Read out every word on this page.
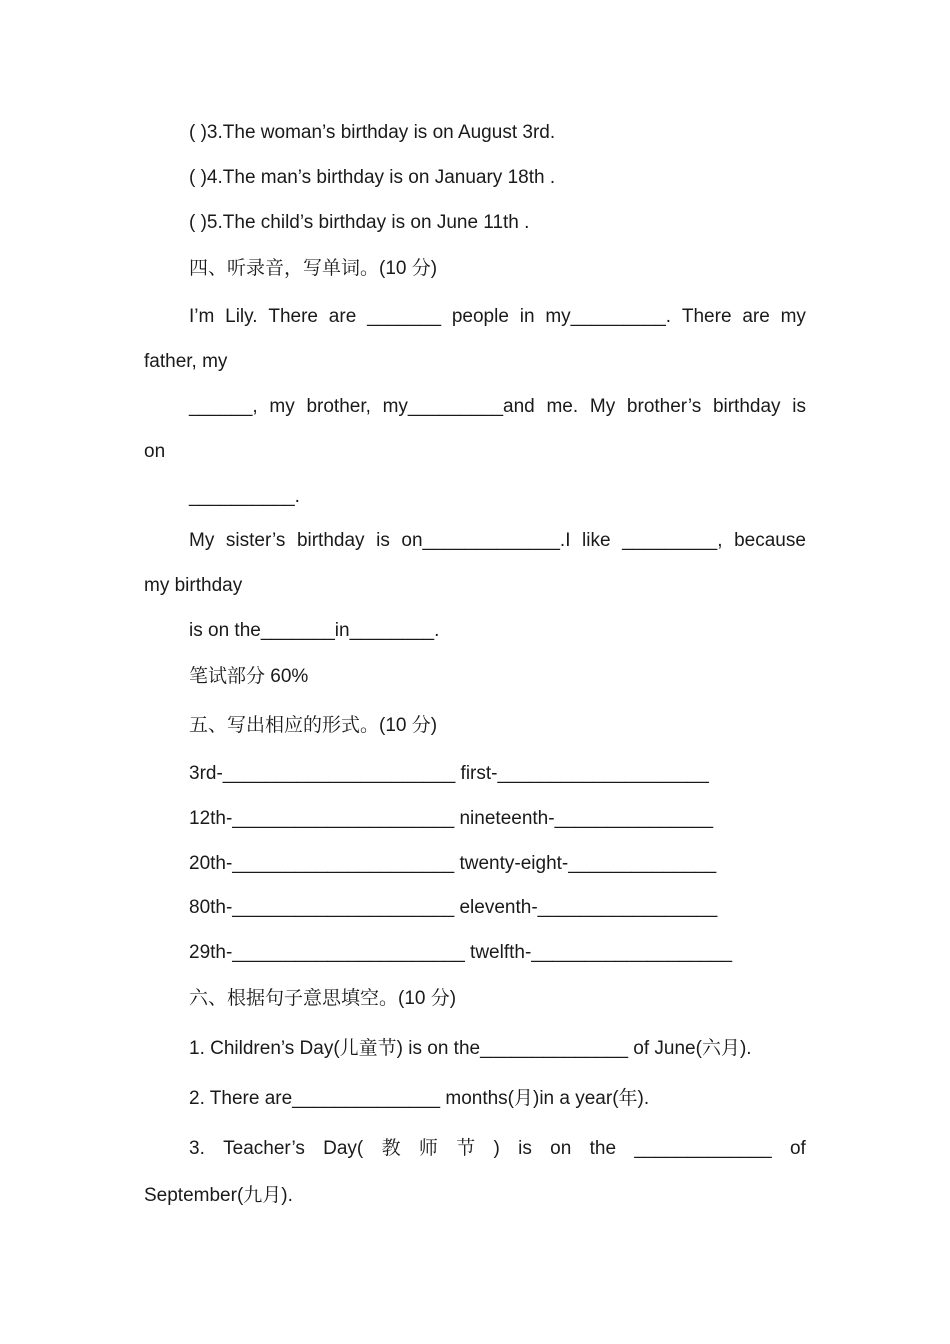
( )3.The woman’s birthday is on August 3rd.
( )4.The man’s birthday is on January 18th .
( )5.The child’s birthday is on June 11th .
四、听录音，写单词。(10 分)
I’m Lily. There are _______ people in my_________. There are my
father, my
______, my brother, my_________and me. My brother’s birthday is
on
__________.
My sister’s birthday is on_____________.I like _________, because
my birthday
is on the_______in________.
笔试部分 60%
五、写出相应的形式。(10 分)
3rd-______________________ first-____________________
12th-_____________________ nineteenth-_______________
20th-_____________________ twenty-eight-______________
80th-_____________________ eleventh-_________________
29th-______________________ twelfth-___________________
六、根据句子意思填空。(10 分)
1. Children’s Day(儿童节) is on the______________ of June(六月).
2. There are______________ months(月)in a year(年).
3. Teacher’s Day( 教 师 节 ) is on the _____________ of
September(九月).
